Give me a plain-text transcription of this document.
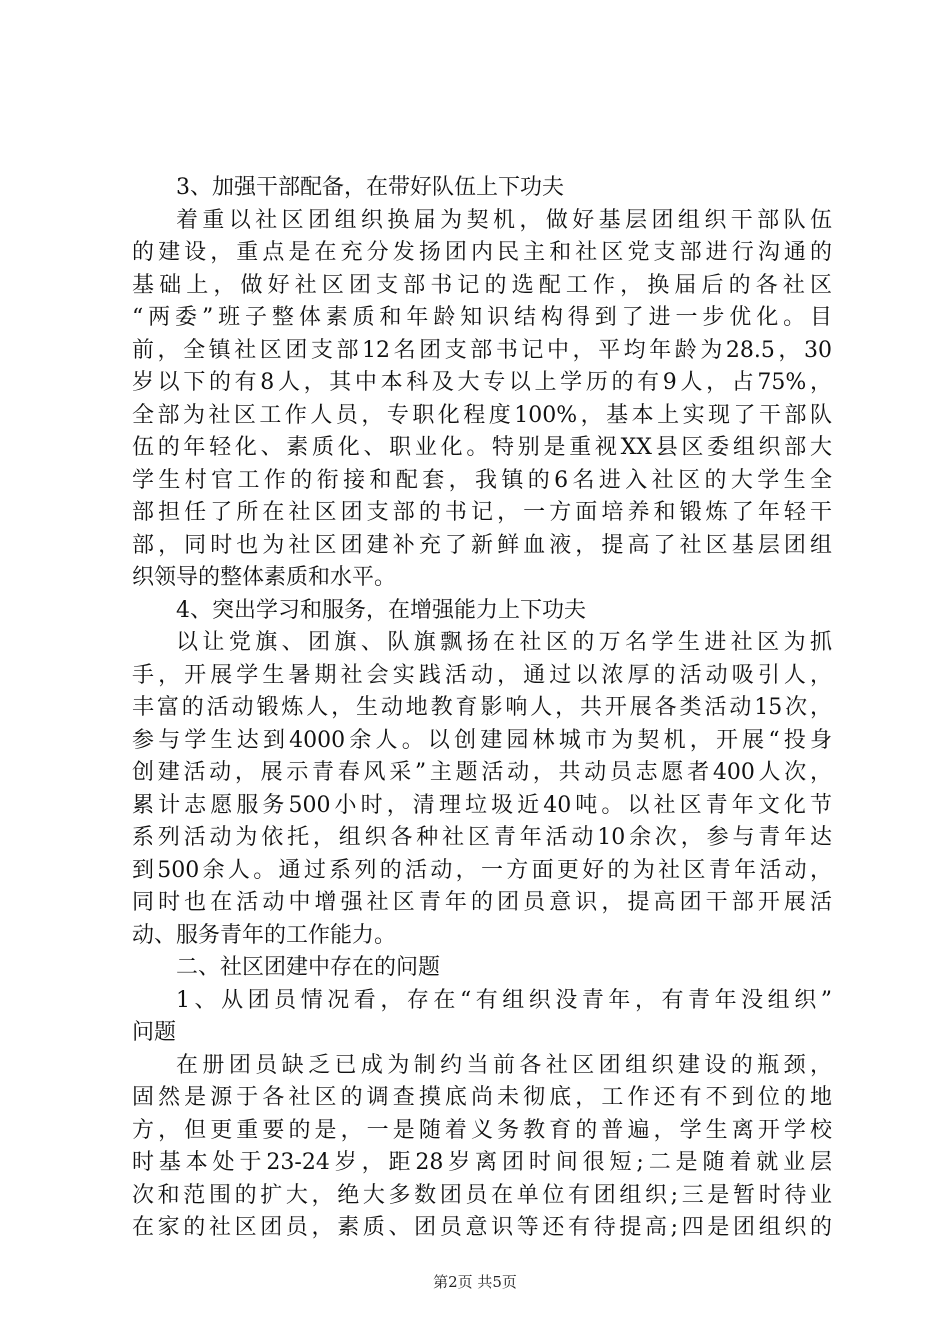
3、加强干部配备，在带好队伍上下功夫
着重以社区团组织换届为契机，做好基层团组织干部队伍
的建设，重点是在充分发扬团内民主和社区党支部进行沟通的
基础上，做好社区团支部书记的选配工作，换届后的各社区
“两委”班子整体素质和年龄知识结构得到了进一步优化。目
前，全镇社区团支部12名团支部书记中，平均年龄为28.5，30
岁以下的有8人，其中本科及大专以上学历的有9人，占75%，
全部为社区工作人员，专职化程度100%，基本上实现了干部队
伍的年轻化、素质化、职业化。特别是重视XX县区委组织部大
学生村官工作的衔接和配套，我镇的6名进入社区的大学生全
部担任了所在社区团支部的书记，一方面培养和锻炼了年轻干
部，同时也为社区团建补充了新鲜血液，提高了社区基层团组
织领导的整体素质和水平。
4、突出学习和服务，在增强能力上下功夫
以让党旗、团旗、队旗飘扬在社区的万名学生进社区为抓
手，开展学生暑期社会实践活动，通过以浓厚的活动吸引人，
丰富的活动锻炼人，生动地教育影响人，共开展各类活动15次，
参与学生达到4000余人。以创建园林城市为契机，开展“投身
创建活动，展示青春风采”主题活动，共动员志愿者400人次，
累计志愿服务500小时，清理垃圾近40吨。以社区青年文化节
系列活动为依托，组织各种社区青年活动10余次，参与青年达
到500余人。通过系列的活动，一方面更好的为社区青年活动，
同时也在活动中增强社区青年的团员意识，提高团干部开展活
动、服务青年的工作能力。
二、社区团建中存在的问题
1、从团员情况看，存在“有组织没青年，有青年没组织”
问题
在册团员缺乏已成为制约当前各社区团组织建设的瓶颈，
固然是源于各社区的调查摸底尚未彻底，工作还有不到位的地
方，但更重要的是，一是随着义务教育的普遍，学生离开学校
时基本处于23-24岁，距28岁离团时间很短;二是随着就业层
次和范围的扩大，绝大多数团员在单位有团组织;三是暂时待业
在家的社区团员，素质、团员意识等还有待提高;四是团组织的
第2页 共5页
